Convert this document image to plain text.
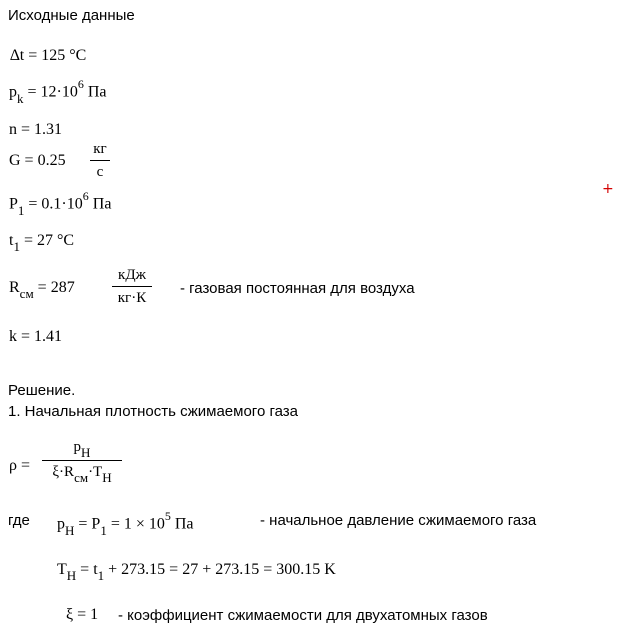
Исходные данные
∆t = 125 °C
$p_k = 12\cdot 10^6$ Па
n = 1.31
G = 0.25
кг
с
$P_1 = 0.1\cdot 10^6$ Па
+
$t_1 = 27$ °C
$R_{см} = 287$
кДж
кг·К
- газовая постоянная для воздуха
k = 1.41
Решение.
1. Начальная плотность сжимаемого газа
ρ =
$p_Н$
$\xi\cdot R_{см}\cdot T_Н$
где $p_Н = P_1 = 1 \times 10^5$ Па	- начальное давление сжимаемого газа
$T_Н = t_1 + 273.15 = 27 + 273.15 = 300.15$ K
ξ = 1 - коэффициент сжимаемости для двухатомных газов
